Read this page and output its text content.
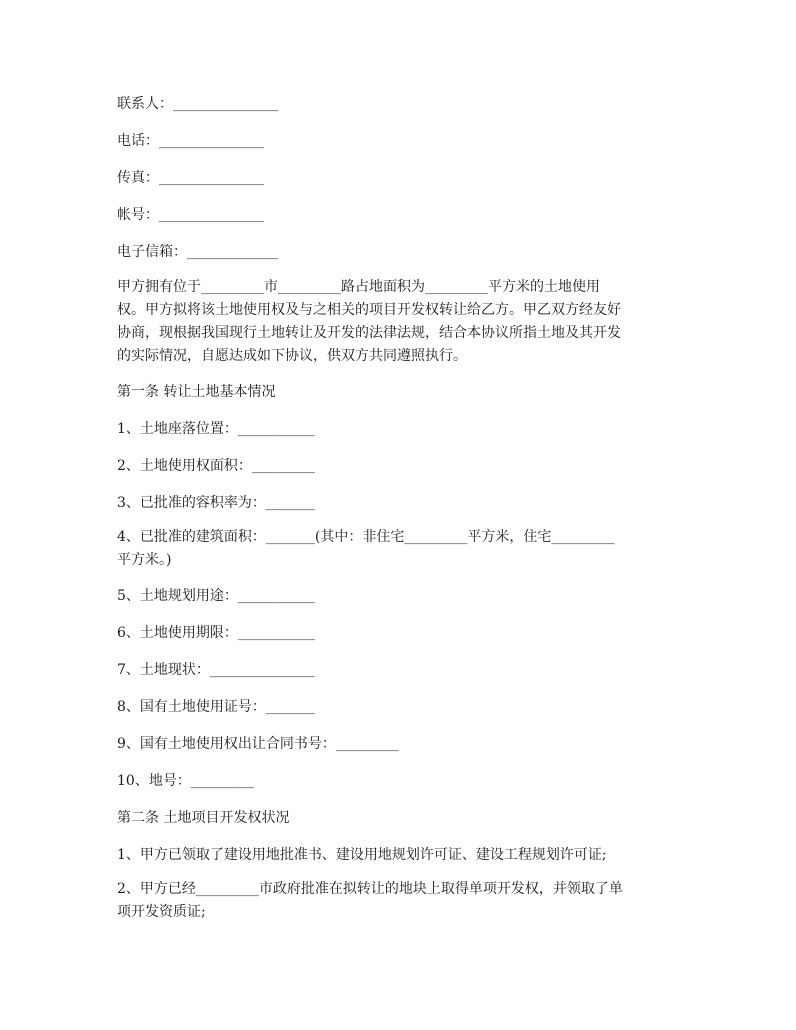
联系人：_______________
电话：_______________
传真：_______________
帐号：_______________
电子信箱：_____________
甲方拥有位于_________市_________路占地面积为_________平方米的土地使用
权。甲方拟将该土地使用权及与之相关的项目开发权转让给乙方。甲乙双方经友好
协商，现根据我国现行土地转让及开发的法律法规，结合本协议所指土地及其开发
的实际情况，自愿达成如下协议，供双方共同遵照执行。
第一条 转让土地基本情况
1、土地座落位置：___________
2、土地使用权面积：_________
3、已批准的容积率为：_______
4、已批准的建筑面积：_______(其中：非住宅_________平方米，住宅_________
平方米。)
5、土地规划用途：___________
6、土地使用期限：___________
7、土地现状：_______________
8、国有土地使用证号：_______
9、国有土地使用权出让合同书号：_________
10、地号：_________
第二条 土地项目开发权状况
1、甲方已领取了建设用地批准书、建设用地规划许可证、建设工程规划许可证;
2、甲方已经_________市政府批准在拟转让的地块上取得单项开发权，并领取了单
项开发资质证;
